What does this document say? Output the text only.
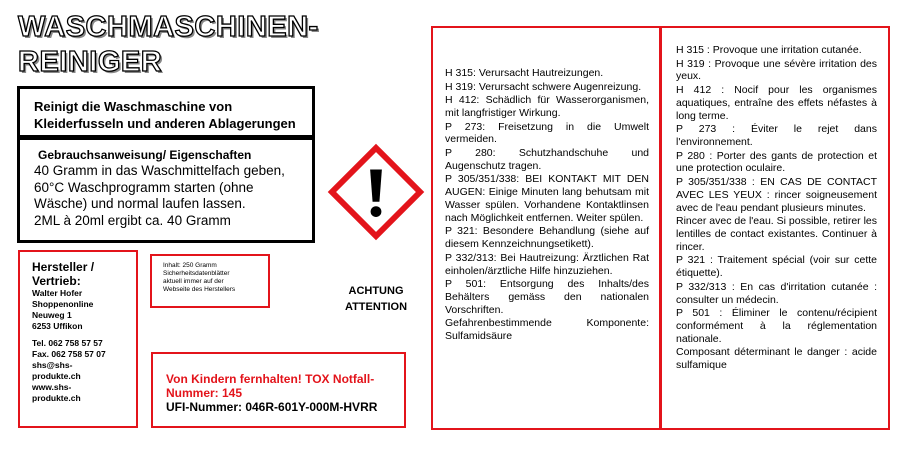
WASCHMASCHINEN-
REINIGER
Reinigt die Waschmaschine von
Kleiderfusseln und anderen Ablagerungen
Gebrauchsanweisung/ Eigenschaften
40 Gramm in das Waschmittelfach geben,
60°C Waschprogramm starten (ohne
Wäsche) und normal laufen lassen.
2ML à 20ml ergibt ca. 40 Gramm
ACHTUNG
ATTENTION
Hersteller /
Vertrieb:
Walter Hofer
Shoppenonline
Neuweg 1
6253 Uffikon
Tel. 062 758 57 57
Fax. 062 758 57 07
shs@shs-
produkte.ch
www.shs-
produkte.ch
Inhalt: 250 Gramm
Sicherheitsdatenblätter
aktuell immer auf der
Webseite des Herstellers
Von Kindern fernhalten! TOX Notfall-
Nummer: 145
UFI-Nummer: 046R-601Y-000M-HVRR

H 315: Verursacht Hautreizungen.

H 319: Verursacht schwere Augenreizung.

H 412: Schädlich für Wasserorganismen, mit langfristiger Wirkung.

P 273: Freisetzung in die Umwelt vermeiden.

P 280: Schutzhandschuhe und Augenschutz tragen.

P 305/351/338: BEI KONTAKT MIT DEN AUGEN: Einige Minuten lang behutsam mit Wasser spülen. Vorhandene Kontaktlinsen nach Möglichkeit entfernen. Weiter spülen.

P 321: Besondere Behandlung (siehe auf diesem Kennzeichnungsetikett).

P 332/313: Bei Hautreizung: Ärztlichen Rat einholen/ärztliche Hilfe hinzuziehen.

P 501: Entsorgung des Inhalts/des Behälters gemäss den nationalen Vorschriften.

Gefahrenbestimmende Komponente: Sulfamidsäure

H 315 : Provoque une irritation cutanée.

H 319 : Provoque une sévère irritation des yeux.

H 412 : Nocif pour les organismes aquatiques, entraîne des effets néfastes à long terme.

P 273 : Éviter le rejet dans l'environnement.

P 280 : Porter des gants de protection et une protection oculaire.

P 305/351/338 : EN CAS DE CONTACT AVEC LES YEUX : rincer soigneusement avec de l'eau pendant plusieurs minutes.

Rincer avec de l'eau. Si possible, retirer les lentilles de contact existantes. Continuer à rincer.

P 321 : Traitement spécial (voir sur cette étiquette).

P 332/313 : En cas d'irritation cutanée : consulter un médecin.

P 501 : Éliminer le contenu/récipient conformément à la réglementation nationale.

Composant déterminant le danger : acide sulfamique
